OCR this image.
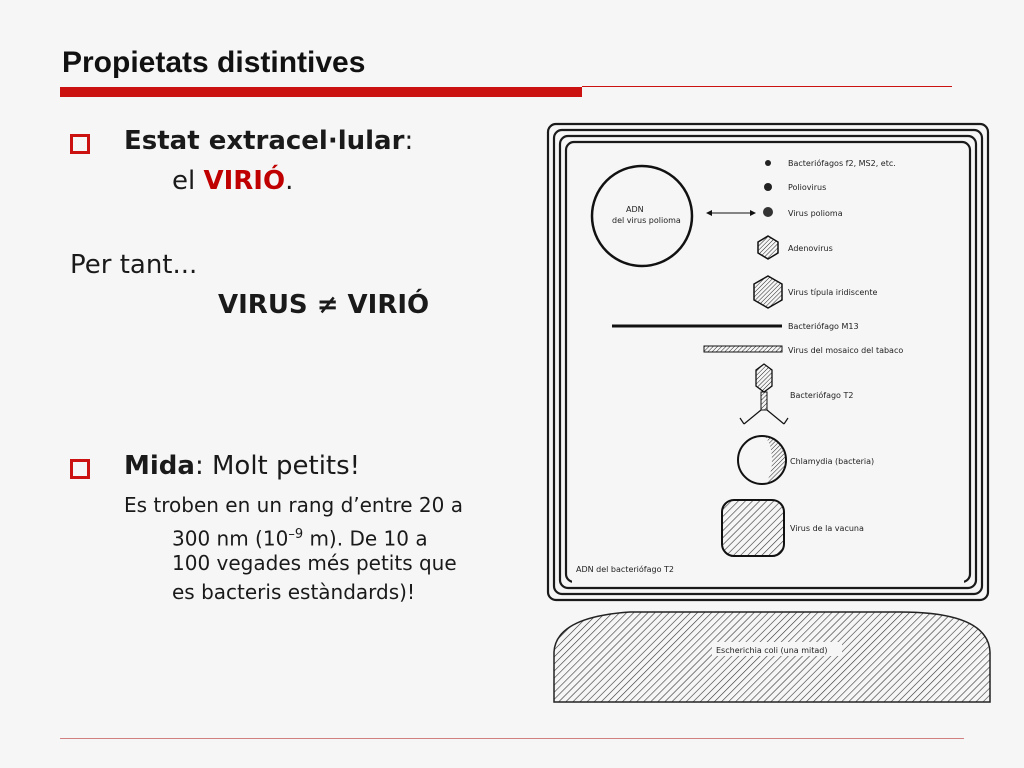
Propietats distintives
Estat extracel·lular:
el VIRIÓ.
Per tant...
VIRUS ≠ VIRIÓ
Mida: Molt petits!
Es troben en un rang d’entre 20 a
300 nm ($10^{-9}$ m). De 10 a
100 vegades més petits que
es bacteris estàndards)!
Escherichia coli (una mitad)
ADN
del virus polioma
Bacteriófagos f2, MS2, etc.
Poliovirus
Virus polioma
Adenovirus
Virus típula iridiscente
Bacteriófago M13
Virus del mosaico del tabaco
Bacteriófago T2
Chlamydia (bacteria)
Virus de la vacuna
ADN del bacteriófago T2
